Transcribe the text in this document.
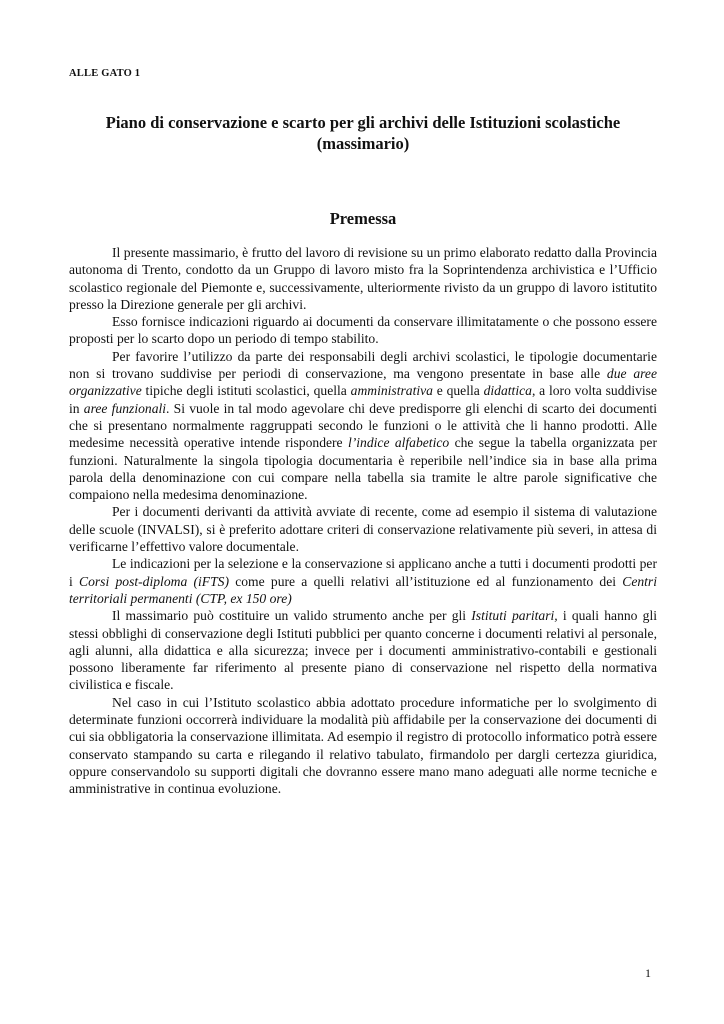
ALLE GATO 1
Piano di conservazione e scarto per gli archivi delle Istituzioni scolastiche
(massimario)
Premessa

Il presente massimario, è frutto del lavoro di revisione su un primo elaborato redatto dalla Provincia autonoma di Trento, condotto da un Gruppo di lavoro misto fra la Soprintendenza archivistica e l’Ufficio scolastico regionale del Piemonte e, successivamente, ulteriormente rivisto da un gruppo di lavoro istitutito presso la Direzione generale per gli archivi.

Esso fornisce indicazioni riguardo ai documenti da conservare illimitatamente o che possono essere proposti per lo scarto dopo un periodo di tempo stabilito.

Per favorire l’utilizzo da parte dei responsabili degli archivi scolastici, le tipologie documentarie non si trovano suddivise per periodi di conservazione, ma vengono presentate in base alle due aree organizzative tipiche degli istituti scolastici, quella amministrativa e quella didattica, a loro volta suddivise in aree funzionali. Si vuole in tal modo agevolare chi deve predisporre gli elenchi di scarto dei documenti che si presentano normalmente raggruppati secondo le funzioni o le attività che li hanno prodotti. Alle medesime necessità operative intende rispondere l’indice alfabetico che segue la tabella organizzata per funzioni. Naturalmente la singola tipologia documentaria è reperibile nell’indice sia in base alla prima parola della denominazione con cui compare nella tabella sia tramite le altre parole significative che compaiono nella medesima denominazione.

Per i documenti derivanti da attività avviate di recente, come ad esempio il sistema di valutazione delle scuole (INVALSI), si è preferito adottare criteri di conservazione relativamente più severi, in attesa di verificarne l’effettivo valore documentale.

Le indicazioni per la selezione e la conservazione si applicano anche a tutti i documenti prodotti per i Corsi post-diploma (iFTS) come pure a quelli relativi all’istituzione ed al funzionamento dei Centri territoriali permanenti (CTP, ex 150 ore)

Il massimario può costituire un valido strumento anche per gli Istituti paritari, i quali hanno gli stessi obblighi di conservazione degli Istituti pubblici per quanto concerne i documenti relativi al personale, agli alunni, alla didattica e alla sicurezza; invece per i documenti amministrativo-contabili e gestionali possono liberamente far riferimento al presente piano di conservazione nel rispetto della normativa civilistica e fiscale.

Nel caso in cui l’Istituto scolastico abbia adottato procedure informatiche per lo svolgimento di determinate funzioni occorrerà individuare la modalità più affidabile per la conservazione dei documenti di cui sia obbligatoria la conservazione illimitata. Ad esempio il registro di protocollo informatico potrà essere conservato stampando su carta e rilegando il relativo tabulato, firmandolo per dargli certezza giuridica, oppure conservandolo su supporti digitali che dovranno essere mano mano adeguati alle norme tecniche e amministrative in continua evoluzione.

1
